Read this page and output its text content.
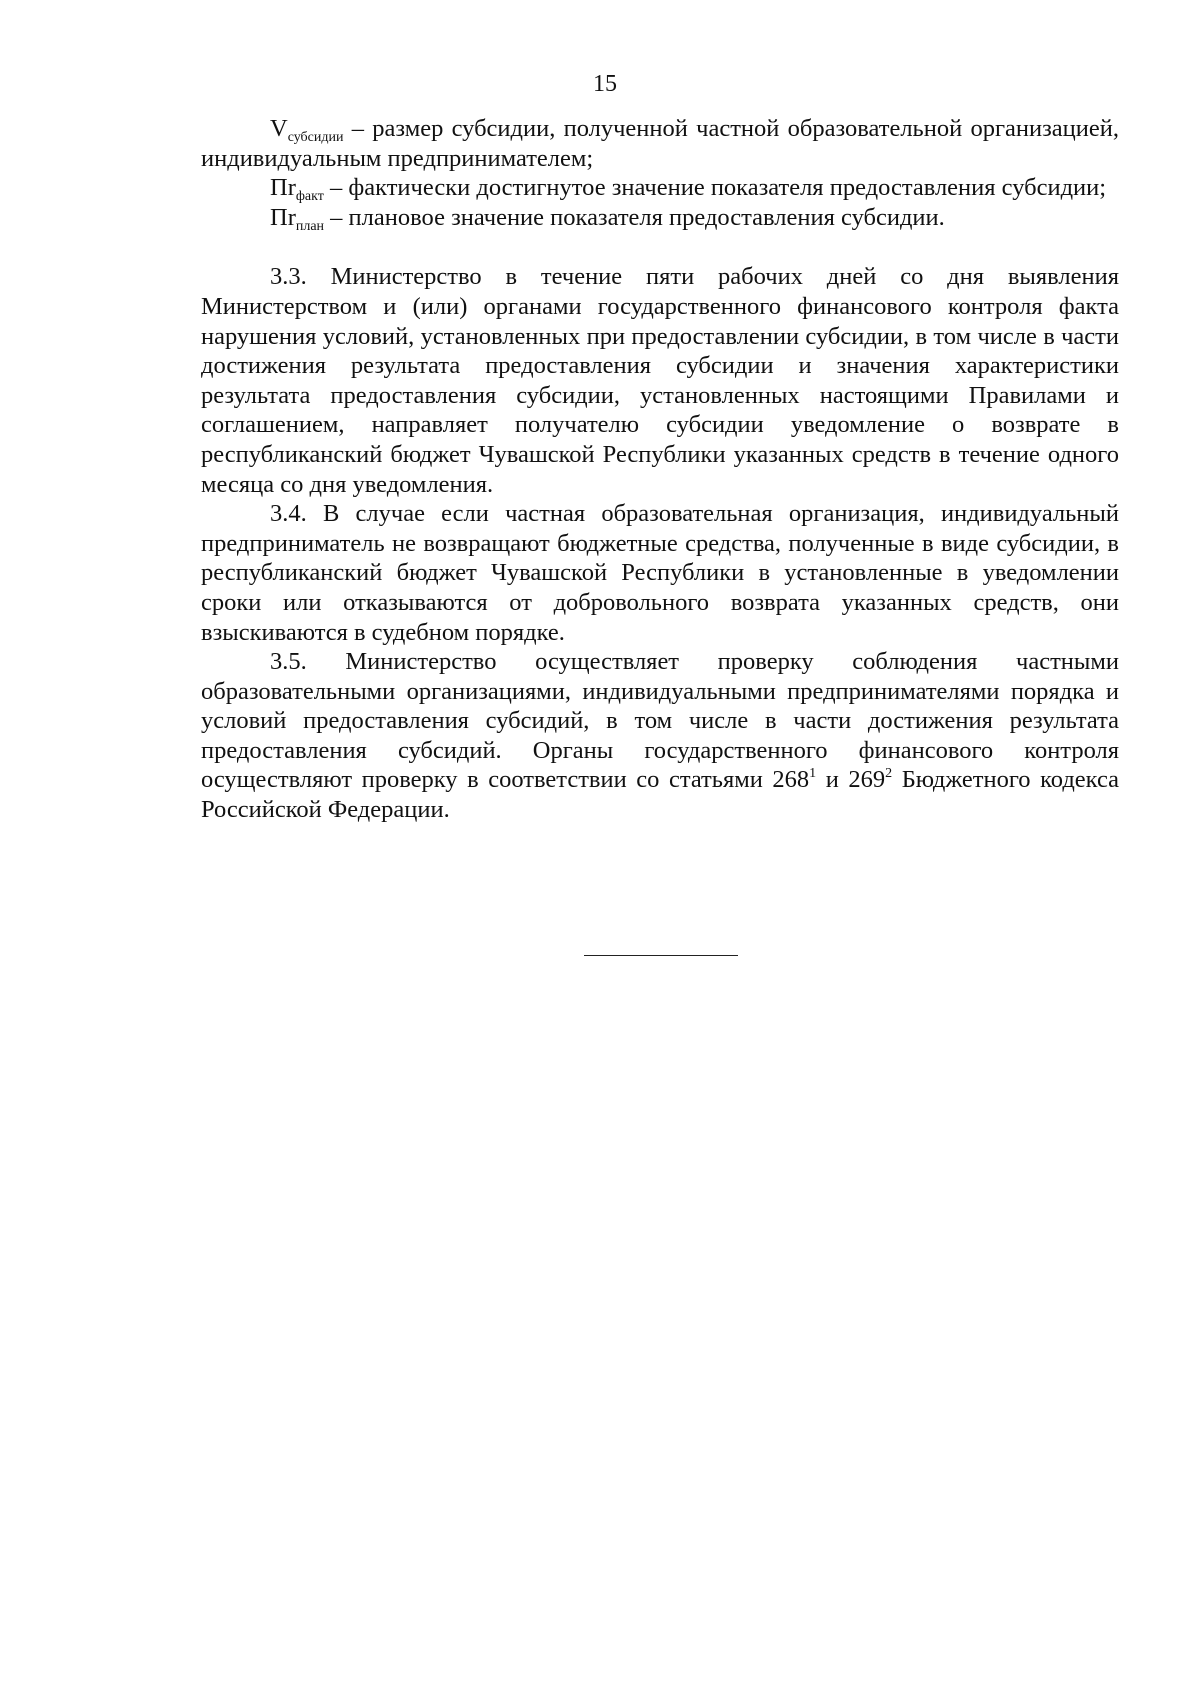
15

$V_{субсидии}$ – размер субсидии, полученной частной образовательной организацией, индивидуальным предпринимателем;

$Пr_{факт}$ – фактически достигнутое значение показателя предоставления субсидии;

$Пr_{план}$ – плановое значение показателя предоставления субсидии.

3.3. Министерство в течение пяти рабочих дней со дня выявления Министерством и (или) органами государственного финансового контроля факта нарушения условий, установленных при предоставлении субсидии, в том числе в части достижения результата предоставления субсидии и значения характеристики результата предоставления субсидии, установленных настоящими Правилами и соглашением, направляет получателю субсидии уведомление о возврате в республиканский бюджет Чувашской Республики указанных средств в течение одного месяца со дня уведомления.

3.4. В случае если частная образовательная организация, индивидуальный предприниматель не возвращают бюджетные средства, полученные в виде субсидии, в республиканский бюджет Чувашской Республики в установленные в уведомлении сроки или отказываются от добровольного возврата указанных средств, они взыскиваются в судебном порядке.

3.5. Министерство осуществляет проверку соблюдения частными образовательными организациями, индивидуальными предпринимателями порядка и условий предоставления субсидий, в том числе в части достижения результата предоставления субсидий. Органы государственного финансового контроля осуществляют проверку в соответствии со статьями $268^1$ и $269^2$ Бюджетного кодекса Российской Федерации.
